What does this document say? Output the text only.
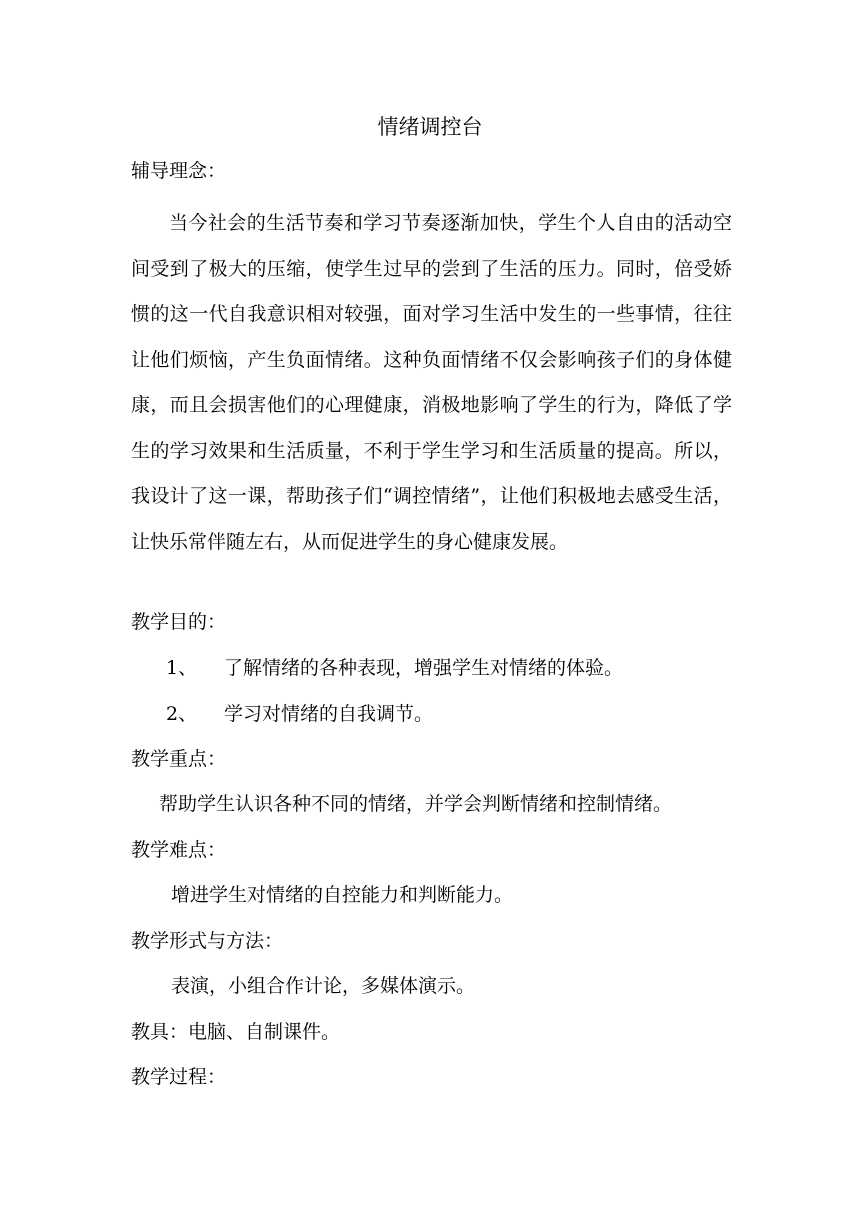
情绪调控台
辅导理念：

当今社会的生活节奏和学习节奏逐渐加快，学生个人自由的活动空间受到了极大的压缩，使学生过早的尝到了生活的压力。同时，倍受娇惯的这一代自我意识相对较强，面对学习生活中发生的一些事情，往往让他们烦恼，产生负面情绪。这种负面情绪不仅会影响孩子们的身体健康，而且会损害他们的心理健康，消极地影响了学生的行为，降低了学生的学习效果和生活质量，不利于学生学习和生活质量的提高。所以，我设计了这一课，帮助孩子们“调控情绪”，让他们积极地去感受生活，让快乐常伴随左右，从而促进学生的身心健康发展。

教学目的：
1、 了解情绪的各种表现，增强学生对情绪的体验。
2、 学习对情绪的自我调节。
教学重点：
帮助学生认识各种不同的情绪，并学会判断情绪和控制情绪。
教学难点：
增进学生对情绪的自控能力和判断能力。
教学形式与方法：
表演，小组合作计论，多媒体演示。
教具：电脑、自制课件。
教学过程：
